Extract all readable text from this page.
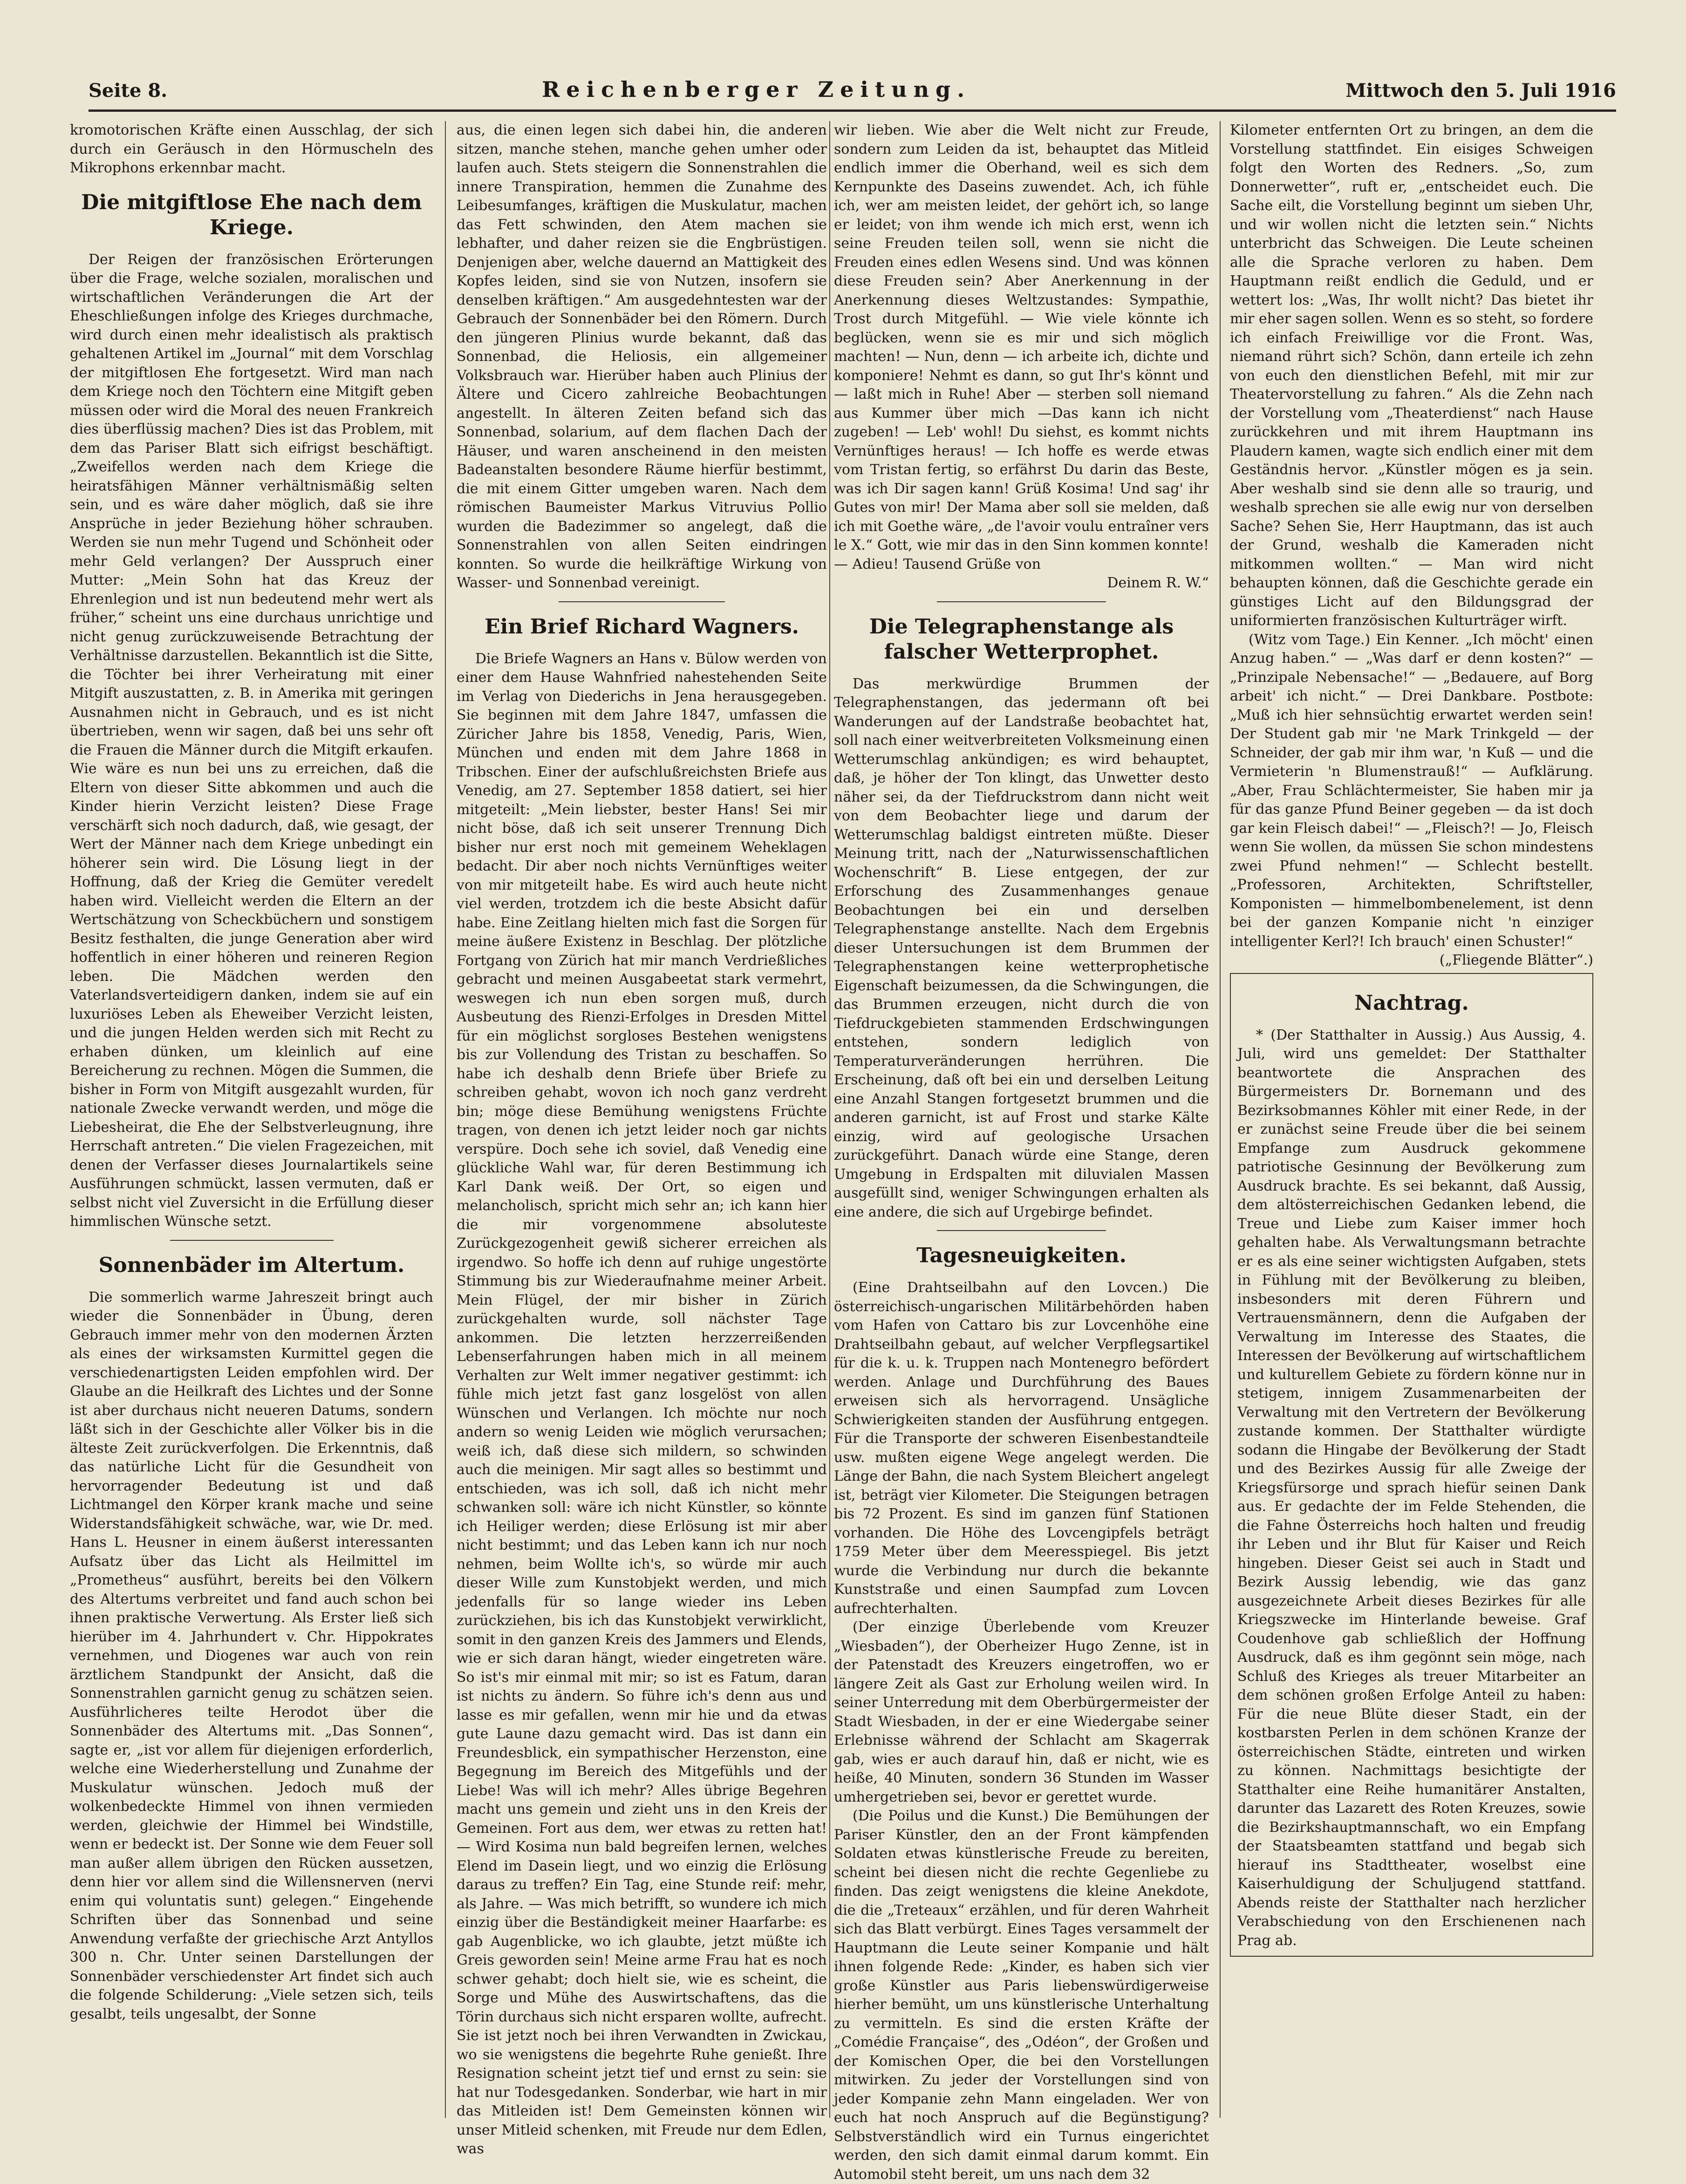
Seite 8.	Reichenberger Zeitung.	Mittwoch den 5. Juli 1916

kromotorischen Kräfte einen Ausschlag, der sich durch ein Geräusch in den Hörmuscheln des Mikrophons erkennbar macht.

Die mitgiftlose Ehe nach dem Kriege.

Der Reigen der französischen Erörterungen über die Frage, welche sozialen, moralischen und wirtschaftlichen Veränderungen die Art der Eheschließungen infolge des Krieges durchmache, wird durch einen mehr idealistisch als praktisch gehaltenen Artikel im „Journal“ mit dem Vorschlag der mitgiftlosen Ehe fortgesetzt. Wird man nach dem Kriege noch den Töchtern eine Mitgift geben müssen oder wird die Moral des neuen Frankreich dies überflüssig machen? Dies ist das Problem, mit dem das Pariser Blatt sich eifrigst beschäftigt. „Zweifellos werden nach dem Kriege die heiratsfähigen Männer verhältnismäßig selten sein, und es wäre daher möglich, daß sie ihre Ansprüche in jeder Beziehung höher schrauben. Werden sie nun mehr Tugend und Schönheit oder mehr Geld verlangen? Der Ausspruch einer Mutter: „Mein Sohn hat das Kreuz der Ehrenlegion und ist nun bedeutend mehr wert als früher,“ scheint uns eine durchaus unrichtige und nicht genug zurückzuweisende Betrachtung der Verhältnisse darzustellen. Bekanntlich ist die Sitte, die Töchter bei ihrer Verheiratung mit einer Mitgift auszustatten, z. B. in Amerika mit geringen Ausnahmen nicht in Gebrauch, und es ist nicht übertrieben, wenn wir sagen, daß bei uns sehr oft die Frauen die Männer durch die Mitgift erkaufen. Wie wäre es nun bei uns zu erreichen, daß die Eltern von dieser Sitte abkommen und auch die Kinder hierin Verzicht leisten? Diese Frage verschärft sich noch dadurch, daß, wie gesagt, der Wert der Männer nach dem Kriege unbedingt ein höherer sein wird. Die Lösung liegt in der Hoffnung, daß der Krieg die Gemüter veredelt haben wird. Vielleicht werden die Eltern an der Wertschätzung von Scheckbüchern und sonstigem Besitz festhalten, die junge Generation aber wird hoffentlich in einer höheren und reineren Region leben. Die Mädchen werden den Vaterlandsverteidigern danken, indem sie auf ein luxuriöses Leben als Eheweiber Verzicht leisten, und die jungen Helden werden sich mit Recht zu erhaben dünken, um kleinlich auf eine Bereicherung zu rechnen. Mögen die Summen, die bisher in Form von Mitgift ausgezahlt wurden, für nationale Zwecke verwandt werden, und möge die Liebesheirat, die Ehe der Selbstverleugnung, ihre Herrschaft antreten.“ Die vielen Fragezeichen, mit denen der Verfasser dieses Journalartikels seine Ausführungen schmückt, lassen vermuten, daß er selbst nicht viel Zuversicht in die Erfüllung dieser himmlischen Wünsche setzt.

Sonnenbäder im Altertum.

Die sommerlich warme Jahreszeit bringt auch wieder die Sonnenbäder in Übung, deren Gebrauch immer mehr von den modernen Ärzten als eines der wirksamsten Kurmittel gegen die verschiedenartigsten Leiden empfohlen wird. Der Glaube an die Heilkraft des Lichtes und der Sonne ist aber durchaus nicht neueren Datums, sondern läßt sich in der Geschichte aller Völker bis in die älteste Zeit zurückverfolgen. Die Erkenntnis, daß das natürliche Licht für die Gesundheit von hervorragender Bedeutung ist und daß Lichtmangel den Körper krank mache und seine Widerstandsfähigkeit schwäche, war, wie Dr. med. Hans L. Heusner in einem äußerst interessanten Aufsatz über das Licht als Heilmittel im „Prometheus“ ausführt, bereits bei den Völkern des Altertums verbreitet und fand auch schon bei ihnen praktische Verwertung. Als Erster ließ sich hierüber im 4. Jahrhundert v. Chr. Hippokrates vernehmen, und Diogenes war auch von rein ärztlichem Standpunkt der Ansicht, daß die Sonnenstrahlen garnicht genug zu schätzen seien. Ausführlicheres teilte Herodot über die Sonnenbäder des Altertums mit. „Das Sonnen“, sagte er, „ist vor allem für diejenigen erforderlich, welche eine Wiederherstellung und Zunahme der Muskulatur wünschen. Jedoch muß der wolkenbedeckte Himmel von ihnen vermieden werden, gleichwie der Himmel bei Windstille, wenn er bedeckt ist. Der Sonne wie dem Feuer soll man außer allem übrigen den Rücken aussetzen, denn hier vor allem sind die Willensnerven (nervi enim qui voluntatis sunt) gelegen.“ Eingehende Schriften über das Sonnenbad und seine Anwendung verfaßte der griechische Arzt Antyllos 300 n. Chr. Unter seinen Darstellungen der Sonnenbäder verschiedenster Art findet sich auch die folgende Schilderung: „Viele setzen sich, teils gesalbt, teils ungesalbt, der Sonne

aus, die einen legen sich dabei hin, die anderen sitzen, manche stehen, manche gehen umher oder laufen auch. Stets steigern die Sonnenstrahlen die innere Transpiration, hemmen die Zunahme des Leibesumfanges, kräftigen die Muskulatur, machen das Fett schwinden, den Atem machen sie lebhafter, und daher reizen sie die Engbrüstigen. Denjenigen aber, welche dauernd an Mattigkeit des Kopfes leiden, sind sie von Nutzen, insofern sie denselben kräftigen.“ Am ausgedehntesten war der Gebrauch der Sonnenbäder bei den Römern. Durch den jüngeren Plinius wurde bekannt, daß das Sonnenbad, die Heliosis, ein allgemeiner Volksbrauch war. Hierüber haben auch Plinius der Ältere und Cicero zahlreiche Beobachtungen angestellt. In älteren Zeiten befand sich das Sonnenbad, solarium, auf dem flachen Dach der Häuser, und waren anscheinend in den meisten Badeanstalten besondere Räume hierfür bestimmt, die mit einem Gitter umgeben waren. Nach dem römischen Baumeister Markus Vitruvius Pollio wurden die Badezimmer so angelegt, daß die Sonnenstrahlen von allen Seiten eindringen konnten. So wurde die heilkräftige Wirkung von Wasser- und Sonnenbad vereinigt.

Ein Brief Richard Wagners.

Die Briefe Wagners an Hans v. Bülow werden von einer dem Hause Wahnfried nahestehenden Seite im Verlag von Diederichs in Jena herausgegeben. Sie beginnen mit dem Jahre 1847, umfassen die Züricher Jahre bis 1858, Venedig, Paris, Wien, München und enden mit dem Jahre 1868 in Tribschen. Einer der aufschlußreichsten Briefe aus Venedig, am 27. September 1858 datiert, sei hier mitgeteilt: „Mein liebster, bester Hans! Sei mir nicht böse, daß ich seit unserer Trennung Dich bisher nur erst noch mit gemeinem Weheklagen bedacht. Dir aber noch nichts Vernünftiges weiter von mir mitgeteilt habe. Es wird auch heute nicht viel werden, trotzdem ich die beste Absicht dafür habe. Eine Zeitlang hielten mich fast die Sorgen für meine äußere Existenz in Beschlag. Der plötzliche Fortgang von Zürich hat mir manch Verdrießliches gebracht und meinen Ausgabeetat stark vermehrt, weswegen ich nun eben sorgen muß, durch Ausbeutung des Rienzi-Erfolges in Dresden Mittel für ein möglichst sorgloses Bestehen wenigstens bis zur Vollendung des Tristan zu beschaffen. So habe ich deshalb denn Briefe über Briefe zu schreiben gehabt, wovon ich noch ganz verdreht bin; möge diese Bemühung wenigstens Früchte tragen, von denen ich jetzt leider noch gar nichts verspüre. Doch sehe ich soviel, daß Venedig eine glückliche Wahl war, für deren Bestimmung ich Karl Dank weiß. Der Ort, so eigen und melancholisch, spricht mich sehr an; ich kann hier die mir vorgenommene absoluteste Zurückgezogenheit gewiß sicherer erreichen als irgendwo. So hoffe ich denn auf ruhige ungestörte Stimmung bis zur Wiederaufnahme meiner Arbeit. Mein Flügel, der mir bisher in Zürich zurückgehalten wurde, soll nächster Tage ankommen. Die letzten herzzerreißenden Lebenserfahrungen haben mich in all meinem Verhalten zur Welt immer negativer gestimmt: ich fühle mich jetzt fast ganz losgelöst von allen Wünschen und Verlangen. Ich möchte nur noch andern so wenig Leiden wie möglich verursachen; weiß ich, daß diese sich mildern, so schwinden auch die meinigen. Mir sagt alles so bestimmt und entschieden, was ich soll, daß ich nicht mehr schwanken soll: wäre ich nicht Künstler, so könnte ich Heiliger werden; diese Erlösung ist mir aber nicht bestimmt; und das Leben kann ich nur noch nehmen, beim Wollte ich's, so würde mir auch dieser Wille zum Kunstobjekt werden, und mich jedenfalls für so lange wieder ins Leben zurückziehen, bis ich das Kunstobjekt verwirklicht, somit in den ganzen Kreis des Jammers und Elends, wie er sich daran hängt, wieder eingetreten wäre. So ist's mir einmal mit mir; so ist es Fatum, daran ist nichts zu ändern. So führe ich's denn aus und lasse es mir gefallen, wenn mir hie und da etwas gute Laune dazu gemacht wird. Das ist dann ein Freundesblick, ein sympathischer Herzenston, eine Begegnung im Bereich des Mitgefühls und der Liebe! Was will ich mehr? Alles übrige Begehren macht uns gemein und zieht uns in den Kreis der Gemeinen. Fort aus dem, wer etwas zu retten hat! — Wird Kosima nun bald begreifen lernen, welches Elend im Dasein liegt, und wo einzig die Erlösung daraus zu treffen? Ein Tag, eine Stunde reif: mehr, als Jahre. — Was mich betrifft, so wundere ich mich einzig über die Beständigkeit meiner Haarfarbe: es gab Augenblicke, wo ich glaubte, jetzt müßte ich Greis geworden sein! Meine arme Frau hat es noch schwer gehabt; doch hielt sie, wie es scheint, die Sorge und Mühe des Auswirtschaftens, das die Törin durchaus sich nicht ersparen wollte, aufrecht. Sie ist jetzt noch bei ihren Verwandten in Zwickau, wo sie wenigstens die begehrte Ruhe genießt. Ihre Resignation scheint jetzt tief und ernst zu sein: sie hat nur Todesgedanken. Sonderbar, wie hart in mir das Mitleiden ist! Dem Gemeinsten können wir unser Mitleid schenken, mit Freude nur dem Edlen, was

wir lieben. Wie aber die Welt nicht zur Freude, sondern zum Leiden da ist, behauptet das Mitleid endlich immer die Oberhand, weil es sich dem Kernpunkte des Daseins zuwendet. Ach, ich fühle ich, wer am meisten leidet, der gehört ich, so lange er leidet; von ihm wende ich mich erst, wenn ich seine Freuden teilen soll, wenn sie nicht die Freuden eines edlen Wesens sind. Und was können diese Freuden sein? Aber Anerkennung in der Anerkennung dieses Weltzustandes: Sympathie, Trost durch Mitgefühl. — Wie viele könnte ich beglücken, wenn sie es mir und sich möglich machten! — Nun, denn — ich arbeite ich, dichte und komponiere! Nehmt es dann, so gut Ihr's könnt und — laßt mich in Ruhe! Aber — sterben soll niemand aus Kummer über mich —Das kann ich nicht zugeben! — Leb' wohl! Du siehst, es kommt nichts Vernünftiges heraus! — Ich hoffe es werde etwas vom Tristan fertig, so erfährst Du darin das Beste, was ich Dir sagen kann! Grüß Kosima! Und sag' ihr Gutes von mir! Der Mama aber soll sie melden, daß ich mit Goethe wäre, „de l'avoir voulu entraîner vers le X.“ Gott, wie mir das in den Sinn kommen konnte! — Adieu! Tausend Grüße von

Deinem R. W.“

Die Telegraphenstange als falscher Wetterprophet.

Das merkwürdige Brummen der Telegraphenstangen, das jedermann oft bei Wanderungen auf der Landstraße beobachtet hat, soll nach einer weitverbreiteten Volksmeinung einen Wetterumschlag ankündigen; es wird behauptet, daß, je höher der Ton klingt, das Unwetter desto näher sei, da der Tiefdruckstrom dann nicht weit von dem Beobachter liege und darum der Wetterumschlag baldigst eintreten müßte. Dieser Meinung tritt, nach der „Naturwissenschaftlichen Wochenschrift“ B. Liese entgegen, der zur Erforschung des Zusammenhanges genaue Beobachtungen bei ein und derselben Telegraphenstange anstellte. Nach dem Ergebnis dieser Untersuchungen ist dem Brummen der Telegraphenstangen keine wetterprophetische Eigenschaft beizumessen, da die Schwingungen, die das Brummen erzeugen, nicht durch die von Tiefdruckgebieten stammenden Erdschwingungen entstehen, sondern lediglich von Temperaturveränderungen herrühren. Die Erscheinung, daß oft bei ein und derselben Leitung eine Anzahl Stangen fortgesetzt brummen und die anderen garnicht, ist auf Frost und starke Kälte einzig, wird auf geologische Ursachen zurückgeführt. Danach würde eine Stange, deren Umgebung in Erdspalten mit diluvialen Massen ausgefüllt sind, weniger Schwingungen erhalten als eine andere, die sich auf Urgebirge befindet.

Tagesneuigkeiten.

(Eine Drahtseilbahn auf den Lovcen.) Die österreichisch-ungarischen Militärbehörden haben vom Hafen von Cattaro bis zur Lovcenhöhe eine Drahtseilbahn gebaut, auf welcher Verpflegsartikel für die k. u. k. Truppen nach Montenegro befördert werden. Anlage und Durchführung des Baues erweisen sich als hervorragend. Unsägliche Schwierigkeiten standen der Ausführung entgegen. Für die Transporte der schweren Eisenbestandteile usw. mußten eigene Wege angelegt werden. Die Länge der Bahn, die nach System Bleichert angelegt ist, beträgt vier Kilometer. Die Steigungen betragen bis 72 Prozent. Es sind im ganzen fünf Stationen vorhanden. Die Höhe des Lovcengipfels beträgt 1759 Meter über dem Meeresspiegel. Bis jetzt wurde die Verbindung nur durch die bekannte Kunststraße und einen Saumpfad zum Lovcen aufrechterhalten.

(Der einzige Überlebende vom Kreuzer „Wiesbaden“), der Oberheizer Hugo Zenne, ist in der Patenstadt des Kreuzers eingetroffen, wo er längere Zeit als Gast zur Erholung weilen wird. In seiner Unterredung mit dem Oberbürgermeister der Stadt Wiesbaden, in der er eine Wiedergabe seiner Erlebnisse während der Schlacht am Skagerrak gab, wies er auch darauf hin, daß er nicht, wie es heiße, 40 Minuten, sondern 36 Stunden im Wasser umhergetrieben sei, bevor er gerettet wurde.

(Die Poilus und die Kunst.) Die Bemühungen der Pariser Künstler, den an der Front kämpfenden Soldaten etwas künstlerische Freude zu bereiten, scheint bei diesen nicht die rechte Gegenliebe zu finden. Das zeigt wenigstens die kleine Anekdote, die die „Treteaux“ erzählen, und für deren Wahrheit sich das Blatt verbürgt. Eines Tages versammelt der Hauptmann die Leute seiner Kompanie und hält ihnen folgende Rede: „Kinder, es haben sich vier große Künstler aus Paris liebenswürdigerweise hierher bemüht, um uns künstlerische Unterhaltung zu vermitteln. Es sind die ersten Kräfte der „Comédie Française“, des „Odéon“, der Großen und der Komischen Oper, die bei den Vorstellungen mitwirken. Zu jeder der Vorstellungen sind von jeder Kompanie zehn Mann eingeladen. Wer von euch hat noch Anspruch auf die Begünstigung? Selbstverständlich wird ein Turnus eingerichtet werden, den sich damit einmal darum kommt. Ein Automobil steht bereit, um uns nach dem 32

Kilometer entfernten Ort zu bringen, an dem die Vorstellung stattfindet. Ein eisiges Schweigen folgt den Worten des Redners. „So, zum Donnerwetter“, ruft er, „entscheidet euch. Die Sache eilt, die Vorstellung beginnt um sieben Uhr, und wir wollen nicht die letzten sein.“ Nichts unterbricht das Schweigen. Die Leute scheinen alle die Sprache verloren zu haben. Dem Hauptmann reißt endlich die Geduld, und er wettert los: „Was, Ihr wollt nicht? Das bietet ihr mir eher sagen sollen. Wenn es so steht, so fordere ich einfach Freiwillige vor die Front. Was, niemand rührt sich? Schön, dann erteile ich zehn von euch den dienstlichen Befehl, mit mir zur Theatervorstellung zu fahren.“ Als die Zehn nach der Vorstellung vom „Theaterdienst“ nach Hause zurückkehren und mit ihrem Hauptmann ins Plaudern kamen, wagte sich endlich einer mit dem Geständnis hervor. „Künstler mögen es ja sein. Aber weshalb sind sie denn alle so traurig, und weshalb sprechen sie alle ewig nur von derselben Sache? Sehen Sie, Herr Hauptmann, das ist auch der Grund, weshalb die Kameraden nicht mitkommen wollten.“ — Man wird nicht behaupten können, daß die Geschichte gerade ein günstiges Licht auf den Bildungsgrad der uniformierten französischen Kulturträger wirft.

(Witz vom Tage.) Ein Kenner. „Ich möcht' einen Anzug haben.“ — „Was darf er denn kosten?“ — „Prinzipale Nebensache!“ — „Bedauere, auf Borg arbeit' ich nicht.“ — Drei Dankbare. Postbote: „Muß ich hier sehnsüchtig erwartet werden sein! Der Student gab mir 'ne Mark Trinkgeld — der Schneider, der gab mir ihm war, 'n Kuß — und die Vermieterin 'n Blumenstrauß!“ — Aufklärung. „Aber, Frau Schlächtermeister, Sie haben mir ja für das ganze Pfund Beiner gegeben — da ist doch gar kein Fleisch dabei!“ — „Fleisch?! — Jo, Fleisch wenn Sie wollen, da müssen Sie schon mindestens zwei Pfund nehmen!“ — Schlecht bestellt. „Professoren, Architekten, Schriftsteller, Komponisten — himmelbombenelement, ist denn bei der ganzen Kompanie nicht 'n einziger intelligenter Kerl?! Ich brauch' einen Schuster!“

(„Fliegende Blätter“.)

Nachtrag.

* (Der Statthalter in Aussig.) Aus Aussig, 4. Juli, wird uns gemeldet: Der Statthalter beantwortete die Ansprachen des Bürgermeisters Dr. Bornemann und des Bezirksobmannes Köhler mit einer Rede, in der er zunächst seine Freude über die bei seinem Empfange zum Ausdruck gekommene patriotische Gesinnung der Bevölkerung zum Ausdruck brachte. Es sei bekannt, daß Aussig, dem altösterreichischen Gedanken lebend, die Treue und Liebe zum Kaiser immer hoch gehalten habe. Als Verwaltungsmann betrachte er es als eine seiner wichtigsten Aufgaben, stets in Fühlung mit der Bevölkerung zu bleiben, insbesonders mit deren Führern und Vertrauensmännern, denn die Aufgaben der Verwaltung im Interesse des Staates, die Interessen der Bevölkerung auf wirtschaftlichem und kulturellem Gebiete zu fördern könne nur in stetigem, innigem Zusammenarbeiten der Verwaltung mit den Vertretern der Bevölkerung zustande kommen. Der Statthalter würdigte sodann die Hingabe der Bevölkerung der Stadt und des Bezirkes Aussig für alle Zweige der Kriegsfürsorge und sprach hiefür seinen Dank aus. Er gedachte der im Felde Stehenden, die die Fahne Österreichs hoch halten und freudig ihr Leben und ihr Blut für Kaiser und Reich hingeben. Dieser Geist sei auch in Stadt und Bezirk Aussig lebendig, wie das ganz ausgezeichnete Arbeit dieses Bezirkes für alle Kriegszwecke im Hinterlande beweise. Graf Coudenhove gab schließlich der Hoffnung Ausdruck, daß es ihm gegönnt sein möge, nach Schluß des Krieges als treuer Mitarbeiter an dem schönen großen Erfolge Anteil zu haben: Für die neue Blüte dieser Stadt, ein der kostbarsten Perlen in dem schönen Kranze der österreichischen Städte, eintreten und wirken zu können. Nachmittags besichtigte der Statthalter eine Reihe humanitärer Anstalten, darunter das Lazarett des Roten Kreuzes, sowie die Bezirkshauptmannschaft, wo ein Empfang der Staatsbeamten stattfand und begab sich hierauf ins Stadttheater, woselbst eine Kaiserhuldigung der Schuljugend stattfand. Abends reiste der Statthalter nach herzlicher Verabschiedung von den Erschienenen nach Prag ab.
